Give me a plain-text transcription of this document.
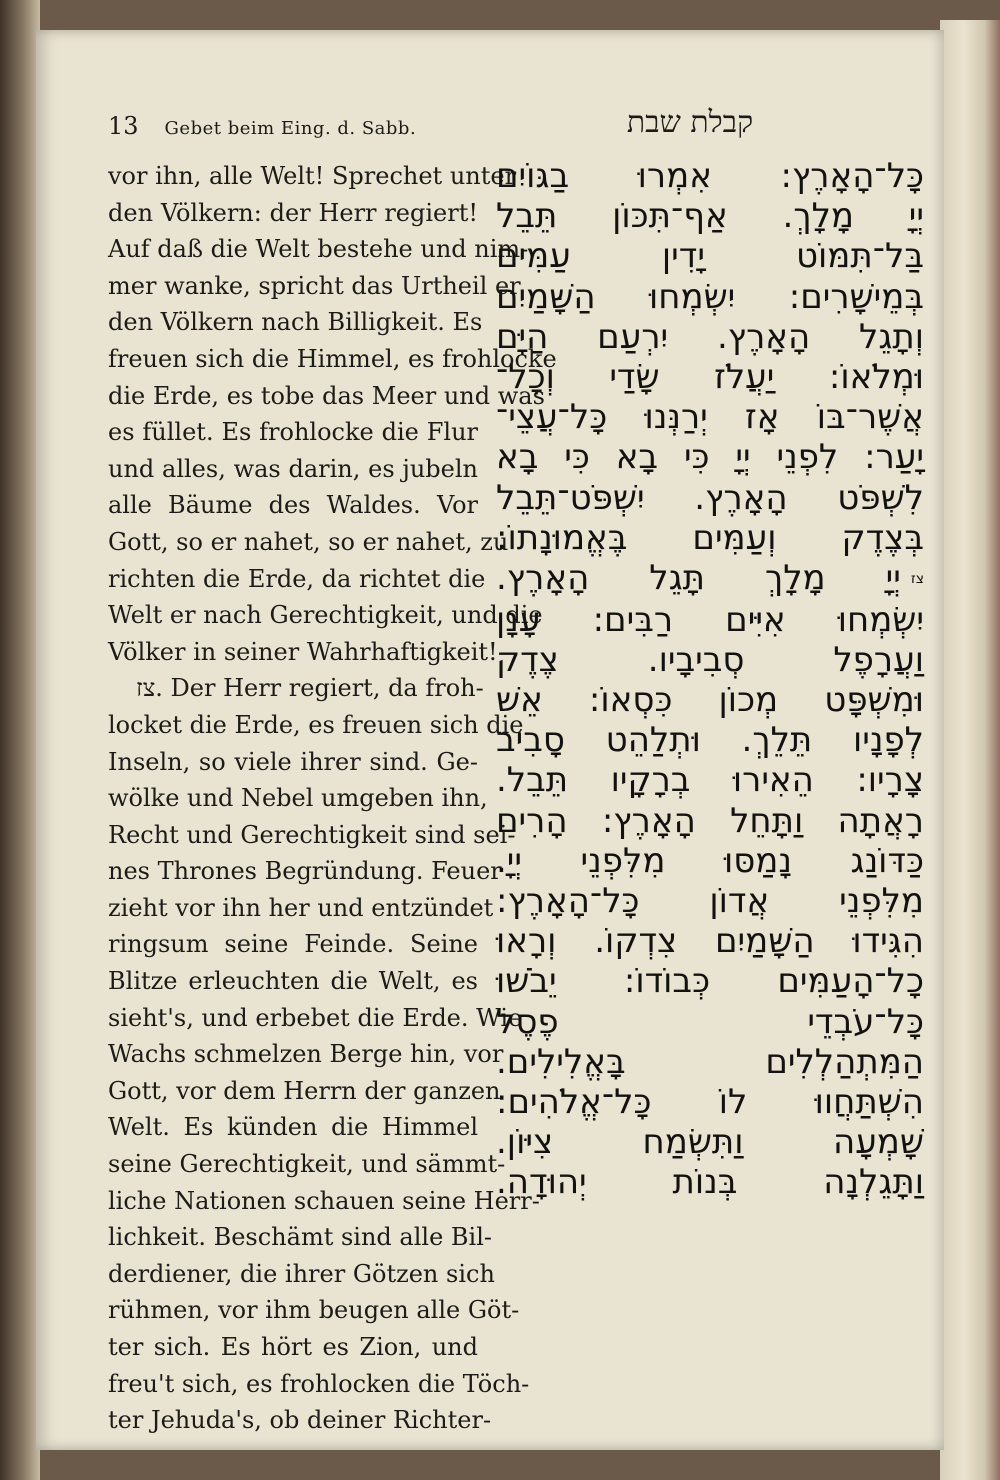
13 Gebet beim Eing. d. Sabb.	קבלת שבת
vor ihn, alle Welt! Sprechet unter
den Völkern: der Herr regiert!
Auf daß die Welt bestehe und nim-
mer wanke, spricht das Urtheil er
den Völkern nach Billigkeit. Es
freuen sich die Himmel, es frohlocke
die Erde, es tobe das Meer und was
es füllet. Es frohlocke die Flur
und alles, was darin, es jubeln
alle Bäume des Waldes. Vor
Gott, so er nahet, so er nahet, zu
richten die Erde, da richtet die
Welt er nach Gerechtigkeit, und die
Völker in seiner Wahrhaftigkeit!
צז. Der Herr regiert, da froh-
locket die Erde, es freuen sich die
Inseln, so viele ihrer sind. Ge-
wölke und Nebel umgeben ihn,
Recht und Gerechtigkeit sind sei-
nes Thrones Begründung. Feuer
zieht vor ihn her und entzündet
ringsum seine Feinde. Seine
Blitze erleuchten die Welt, es
sieht's, und erbebet die Erde. Wie
Wachs schmelzen Berge hin, vor
Gott, vor dem Herrn der ganzen
Welt. Es künden die Himmel
seine Gerechtigkeit, und sämmt-
liche Nationen schauen seine Herr-
lichkeit. Beschämt sind alle Bil-
derdiener, die ihrer Götzen sich
rühmen, vor ihm beugen alle Göt-
ter sich. Es hört es Zion, und
freu't sich, es frohlocken die Töch-
ter Jehuda's, ob deiner Richter-
כָּל־הָאָרֶץ: אִמְרוּ בַגּוֹיִם
יְיָ מָלָךְ. אַף־תִּכּוֹן תֵּבֵל
בַּל־תִּמּוֹט יָדִין עַמִּים
בְּמֵישָׁרִים: יִשְׂמְחוּ הַשָּׁמַיִם
וְתָגֵל הָאָרֶץ. יִרְעַם הַיָּם
וּמְלֹאוֹ: יַעֲלֹז שָׂדַי וְכָל־
אֲשֶׁר־בּוֹ אָז יְרַנְּנוּ כָּל־עֲצֵי־
יָעַר: לִפְנֵי יְיָ כִּי בָא כִּי בָא
לִשְׁפֹּט הָאָרֶץ. יִשְׁפֹּט־תֵּבֵל
בְּצֶדֶק וְעַמִּים בֶּאֱמוּנָתוֹ:
צזיְיָ מָלָךְ תָּגֵל הָאָרֶץ.
יִשְׂמְחוּ אִיִּים רַבִּים: עָנָן
וַעֲרָפֶל סְבִיבָיו. צֶדֶק
וּמִשְׁפָּט מְכוֹן כִּסְאוֹ: אֵשׁ
לְפָנָיו תֵּלֵךְ. וּתְלַהֵט סָבִיב
צָרָיו: הֵאִירוּ בְרָקָיו תֵּבֵל.
רָאֲתָה וַתָּחֵל הָאָרֶץ: הָרִים
כַּדּוֹנַג נָמַסּוּ מִלִּפְנֵי יְיָ.
מִלִּפְנֵי אֲדוֹן כָּל־הָאָרֶץ:
הִגִּידוּ הַשָּׁמַיִם צִדְקוֹ. וְרָאוּ
כָל־הָעַמִּים כְּבוֹדוֹ: יֵבֹשׁוּ
כָּל־עֹבְדֵי פֶסֶל
הַמִּתְהַלְלִים בָּאֱלִילִים.
הִשְׁתַּחֲווּ לוֹ כָּל־אֱלֹהִים:
שָׁמְעָה וַתִּשְׂמַח צִיּוֹן.
וַתָּגֵלְנָה בְּנוֹת יְהוּדָה.
